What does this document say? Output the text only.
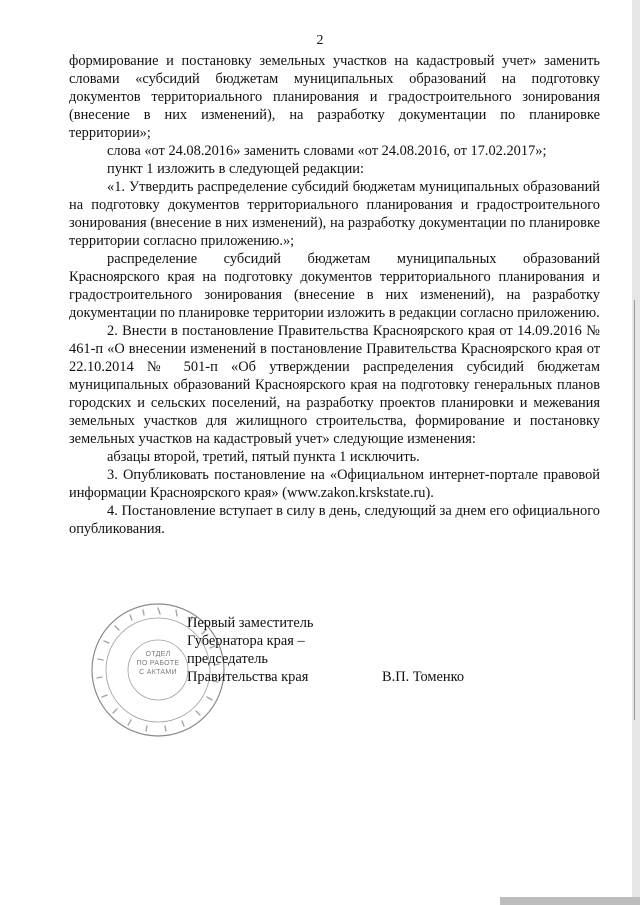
2

формирование и постановку земельных участков на кадастровый учет» заменить словами «субсидий бюджетам муниципальных образований на подготовку документов территориального планирования и градостроительного зонирования (внесение в них изменений), на разработку документации по планировке территории»;

слова «от 24.08.2016» заменить словами «от 24.08.2016, от 17.02.2017»;

пункт 1 изложить в следующей редакции:

«1. Утвердить распределение субсидий бюджетам муниципальных образований на подготовку документов территориального планирования и градостроительного зонирования (внесение в них изменений), на разработку документации по планировке территории согласно приложению.»;

распределение субсидий бюджетам муниципальных образований Красноярского края на подготовку документов территориального планирования и градостроительного зонирования (внесение в них изменений), на разработку документации по планировке территории изложить в редакции согласно приложению.

2. Внести в постановление Правительства Красноярского края от 14.09.2016 № 461-п «О внесении изменений в постановление Правительства Красноярского края от 22.10.2014 № 501-п «Об утверждении распределения субсидий бюджетам муниципальных образований Красноярского края на подготовку генеральных планов городских и сельских поселений, на разработку проектов планировки и межевания земельных участков для жилищного строительства, формирование и постановку земельных участков на кадастровый учет» следующие изменения:

абзацы второй, третий, пятый пункта 1 исключить.

3. Опубликовать постановление на «Официальном интернет-портале правовой информации Красноярского края» (www.zakon.krskstate.ru).

4. Постановление вступает в силу в день, следующий за днем его официального опубликования.

ОТДЕЛ
ПО РАБОТЕ
С АКТАМИ
Первый заместитель
Губернатора края –
председатель
Правительства края	В.П. Томенко
